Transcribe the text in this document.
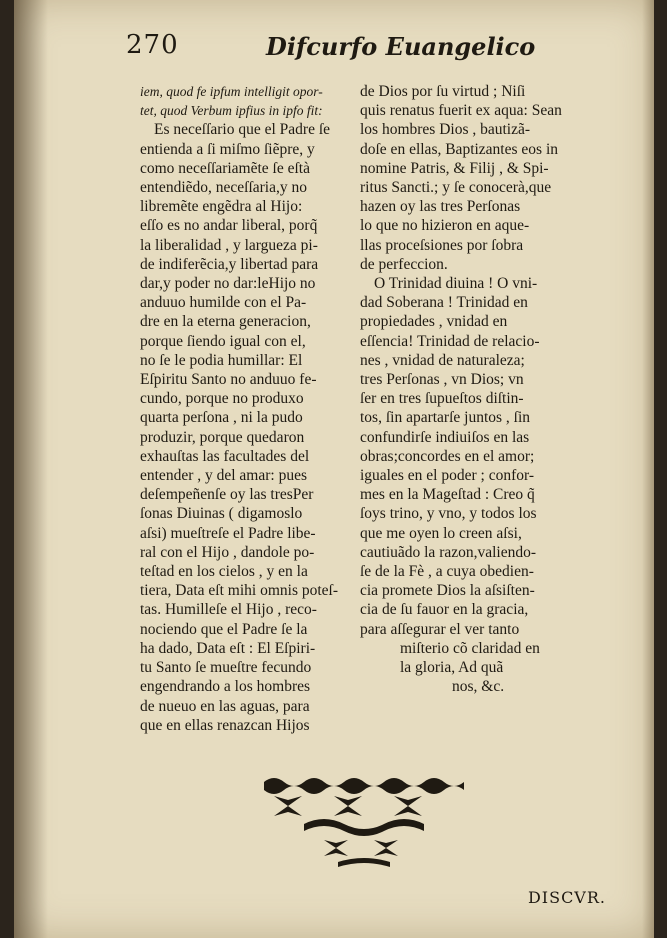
270	Difcurfo Euangelico
iem, quod fe ipfum intelligit opor-
tet, quod Verbum ipfius in ipfo fit:
Es neceſſario que el Padre ſe
entienda a ſi miſmo ſiẽpre, y
como neceſſariamẽte ſe eſtà
entendiẽdo, neceſſaria,y no
libremẽte engẽdra al Hijo:
eſſo es no andar liberal, porq̃
la liberalidad , y largueza pi-
de indiferẽcia,y libertad para
dar,y poder no dar:leHijo no
anduuo humilde con el Pa-
dre en la eterna generacion,
porque ſiendo igual con el,
no ſe le podia humillar: El
Eſpiritu Santo no anduuo fe-
cundo, porque no produxo
quarta perſona , ni la pudo
produzir, porque quedaron
exhauſtas las facultades del
entender , y del amar: pues
deſempeñenſe oy las tresPer
ſonas Diuinas ( digamoslo
aſsi) mueſtreſe el Padre libe-
ral con el Hijo , dandole po-
teſtad en los cielos , y en la
tiera, Data eſt mihi omnis poteſ-
tas. Humilleſe el Hijo , reco-
nociendo que el Padre ſe la
ha dado, Data eſt : El Eſpiri-
tu Santo ſe mueſtre fecundo
engendrando a los hombres
de nueuo en las aguas, para
que en ellas renazcan Hijos
de Dios por ſu virtud ; Niſi
quis renatus fuerit ex aqua: Sean
los hombres Dios , bautizã-
doſe en ellas, Baptizantes eos in
nomine Patris, & Filij , & Spi-
ritus Sancti.; y ſe conocerà,que
hazen oy las tres Perſonas
lo que no hizieron en aque-
llas proceſsiones por ſobra
de perfeccion.
O Trinidad diuina ! O vni-
dad Soberana ! Trinidad en
propiedades , vnidad en
eſſencia! Trinidad de relacio-
nes , vnidad de naturaleza;
tres Perſonas , vn Dios; vn
ſer en tres ſupueſtos diſtin-
tos, ſin apartarſe juntos , ſin
confundirſe indiuiſos en las
obras;concordes en el amor;
iguales en el poder ; confor-
mes en la Mageſtad : Creo q̃
ſoys trino, y vno, y todos los
que me oyen lo creen aſsi,
cautiuãdo la razon,valiendo-
ſe de la Fè , a cuya obedien-
cia promete Dios la aſsiſten-
cia de ſu fauor en la gracia,
para aſſegurar el ver tanto
miſterio cõ claridad en
la gloria, Ad quã
nos, &c.

DISCVR.
